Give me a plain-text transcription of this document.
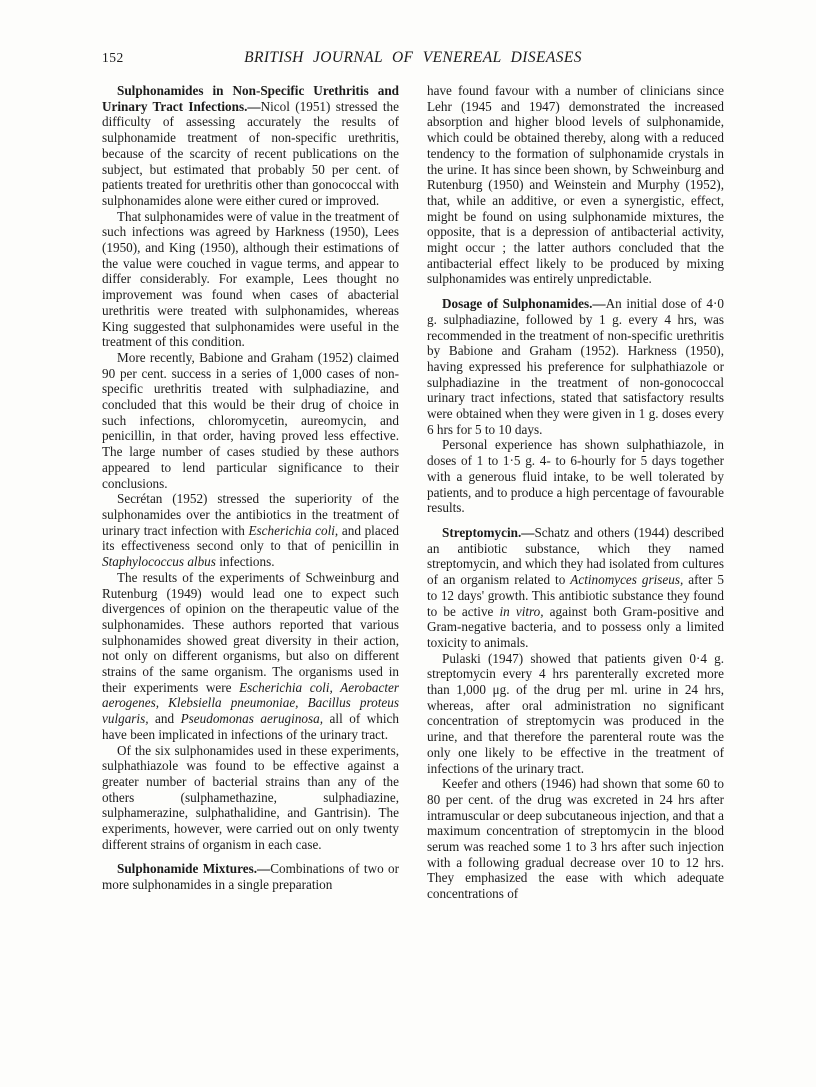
152	BRITISH JOURNAL OF VENEREAL DISEASES

Sulphonamides in Non-Specific Urethritis and Urinary Tract Infections.—Nicol (1951) stressed the difficulty of assessing accurately the results of sulphonamide treatment of non-specific urethritis, because of the scarcity of recent publications on the subject, but estimated that probably 50 per cent. of patients treated for urethritis other than gonococcal with sulphonamides alone were either cured or improved.

That sulphonamides were of value in the treatment of such infections was agreed by Harkness (1950), Lees (1950), and King (1950), although their estimations of the value were couched in vague terms, and appear to differ considerably. For example, Lees thought no improvement was found when cases of abacterial urethritis were treated with sulphonamides, whereas King suggested that sulphonamides were useful in the treatment of this condition.

More recently, Babione and Graham (1952) claimed 90 per cent. success in a series of 1,000 cases of non-specific urethritis treated with sulphadiazine, and concluded that this would be their drug of choice in such infections, chloromycetin, aureomycin, and penicillin, in that order, having proved less effective. The large number of cases studied by these authors appeared to lend particular significance to their conclusions.

Secrétan (1952) stressed the superiority of the sulphonamides over the antibiotics in the treatment of urinary tract infection with Escherichia coli, and placed its effectiveness second only to that of penicillin in Staphylococcus albus infections.

The results of the experiments of Schweinburg and Rutenburg (1949) would lead one to expect such divergences of opinion on the therapeutic value of the sulphonamides. These authors reported that various sulphonamides showed great diversity in their action, not only on different organisms, but also on different strains of the same organism. The organisms used in their experiments were Escherichia coli, Aerobacter aerogenes, Klebsiella pneumoniae, Bacillus proteus vulgaris, and Pseudomonas aeruginosa, all of which have been implicated in infections of the urinary tract.

Of the six sulphonamides used in these experiments, sulphathiazole was found to be effective against a greater number of bacterial strains than any of the others (sulphamethazine, sulphadiazine, sulphamerazine, sulphathalidine, and Gantrisin). The experiments, however, were carried out on only twenty different strains of organism in each case.

Sulphonamide Mixtures.—Combinations of two or more sulphonamides in a single preparation

have found favour with a number of clinicians since Lehr (1945 and 1947) demonstrated the increased absorption and higher blood levels of sulphonamide, which could be obtained thereby, along with a reduced tendency to the formation of sulphonamide crystals in the urine. It has since been shown, by Schweinburg and Rutenburg (1950) and Weinstein and Murphy (1952), that, while an additive, or even a synergistic, effect, might be found on using sulphonamide mixtures, the opposite, that is a depression of antibacterial activity, might occur ; the latter authors concluded that the antibacterial effect likely to be produced by mixing sulphonamides was entirely unpredictable.

Dosage of Sulphonamides.—An initial dose of 4·0 g. sulphadiazine, followed by 1 g. every 4 hrs, was recommended in the treatment of non-specific urethritis by Babione and Graham (1952). Harkness (1950), having expressed his preference for sulphathiazole or sulphadiazine in the treatment of non-gonococcal urinary tract infections, stated that satisfactory results were obtained when they were given in 1 g. doses every 6 hrs for 5 to 10 days.

Personal experience has shown sulphathiazole, in doses of 1 to 1·5 g. 4- to 6-hourly for 5 days together with a generous fluid intake, to be well tolerated by patients, and to produce a high percentage of favourable results.

Streptomycin.—Schatz and others (1944) described an antibiotic substance, which they named streptomycin, and which they had isolated from cultures of an organism related to Actinomyces griseus, after 5 to 12 days' growth. This antibiotic substance they found to be active in vitro, against both Gram-positive and Gram-negative bacteria, and to possess only a limited toxicity to animals.

Pulaski (1947) showed that patients given 0·4 g. streptomycin every 4 hrs parenterally excreted more than 1,000 μg. of the drug per ml. urine in 24 hrs, whereas, after oral administration no significant concentration of streptomycin was produced in the urine, and that therefore the parenteral route was the only one likely to be effective in the treatment of infections of the urinary tract.

Keefer and others (1946) had shown that some 60 to 80 per cent. of the drug was excreted in 24 hrs after intramuscular or deep subcutaneous injection, and that a maximum concentration of streptomycin in the blood serum was reached some 1 to 3 hrs after such injection with a following gradual decrease over 10 to 12 hrs. They emphasized the ease with which adequate concentrations of
